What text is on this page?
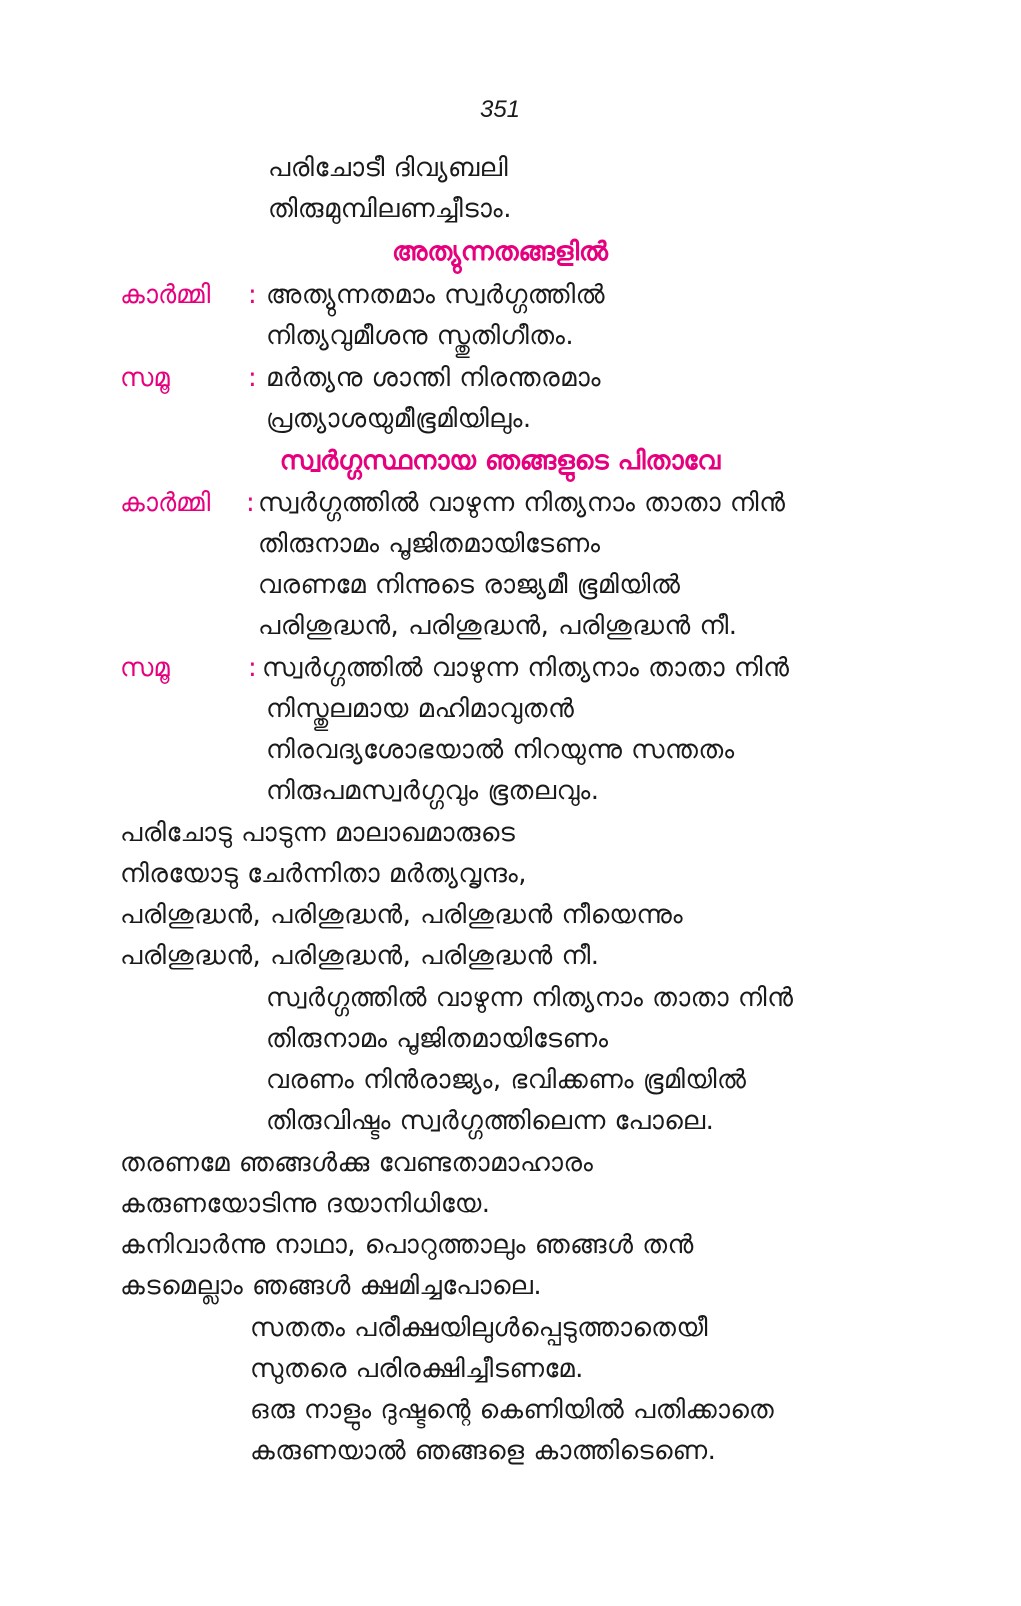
351
പരിചോടീ ദിവ്യബലി
തിരുമുമ്പിലണച്ചീടാം.
അത്യുന്നതങ്ങളിൽ
കാർമ്മി : അത്യുന്നതമാം സ്വർഗ്ഗത്തിൽ
നിത്യവുമീശനു സ്തുതിഗീതം.
സമൂ	: മർത്യനു ശാന്തി നിരന്തരമാം
പ്രത്യാശയുമീഭൂമിയിലും.
സ്വർഗ്ഗസ്ഥനായ ഞങ്ങളുടെ പിതാവേ
കാർമ്മി : സ്വർഗ്ഗത്തിൽ വാഴുന്ന നിത്യനാം താതാ നിൻ
തിരുനാമം പൂജിതമായിടേണം
വരണമേ നിന്നുടെ രാജ്യമീ ഭൂമിയിൽ
പരിശുദ്ധൻ, പരിശുദ്ധൻ, പരിശുദ്ധൻ നീ.
സമൂ	: സ്വർഗ്ഗത്തിൽ വാഴുന്ന നിത്യനാം താതാ നിൻ
നിസ്തുലമായ മഹിമാവുതൻ
നിരവദ്യശോഭയാൽ നിറയുന്നു സന്തതം
നിരുപമസ്വർഗ്ഗവും ഭൂതലവും.
പരിചോടു പാടുന്ന മാലാഖമാരുടെ
നിരയോടു ചേർന്നിതാ മർത്യവൃന്ദം,
പരിശുദ്ധൻ, പരിശുദ്ധൻ, പരിശുദ്ധൻ നീയെന്നും
പരിശുദ്ധൻ, പരിശുദ്ധൻ, പരിശുദ്ധൻ നീ.
സ്വർഗ്ഗത്തിൽ വാഴുന്ന നിത്യനാം താതാ നിൻ
തിരുനാമം പൂജിതമായിടേണം
വരണം നിൻരാജ്യം, ഭവിക്കണം ഭൂമിയിൽ
തിരുവിഷ്ടം സ്വർഗ്ഗത്തിലെന്ന പോലെ.
തരണമേ ഞങ്ങൾക്കു വേണ്ടതാമാഹാരം
കരുണയോടിന്നു ദയാനിധിയേ.
കനിവാർന്നു നാഥാ, പൊറുത്താലും ഞങ്ങൾ തൻ
കടമെല്ലാം ഞങ്ങൾ ക്ഷമിച്ചപോലെ.
സതതം പരീക്ഷയിലുൾപ്പെടുത്താതെയീ
സുതരെ പരിരക്ഷിച്ചീടണമേ.
ഒരു നാളും ദുഷ്ടന്റെ കെണിയിൽ പതിക്കാതെ
കരുണയാൽ ഞങ്ങളെ കാത്തിടെണെ.
